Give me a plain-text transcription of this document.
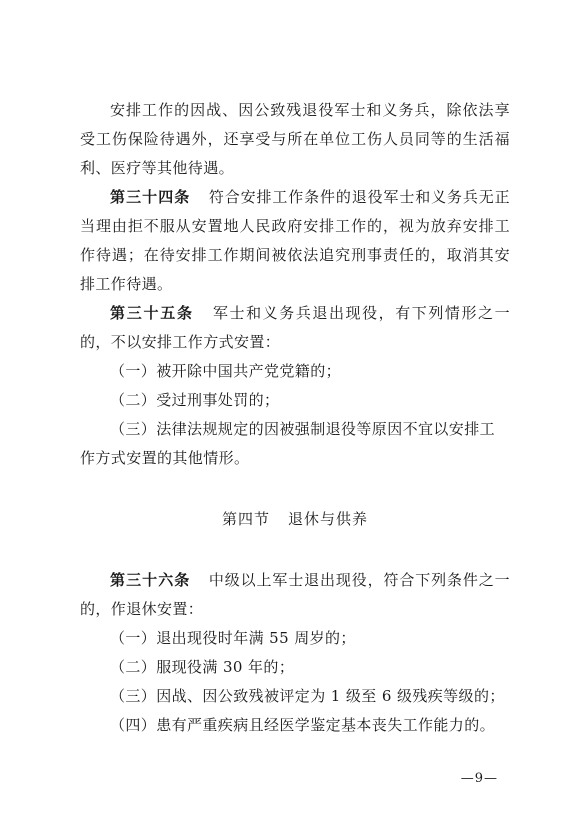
安排工作的因战、因公致残退役军士和义务兵，除依法享受工伤保险待遇外，还享受与所在单位工伤人员同等的生活福利、医疗等其他待遇。

第三十四条 符合安排工作条件的退役军士和义务兵无正当理由拒不服从安置地人民政府安排工作的，视为放弃安排工作待遇；在待安排工作期间被依法追究刑事责任的，取消其安排工作待遇。

第三十五条 军士和义务兵退出现役，有下列情形之一的，不以安排工作方式安置：

（一）被开除中国共产党党籍的；

（二）受过刑事处罚的；

（三）法律法规规定的因被强制退役等原因不宜以安排工作方式安置的其他情形。

第四节 退休与供养

第三十六条 中级以上军士退出现役，符合下列条件之一的，作退休安置：

（一）退出现役时年满 55 周岁的；

（二）服现役满 30 年的；

（三）因战、因公致残被评定为 1 级至 6 级残疾等级的；

（四）患有严重疾病且经医学鉴定基本丧失工作能力的。

—9—
